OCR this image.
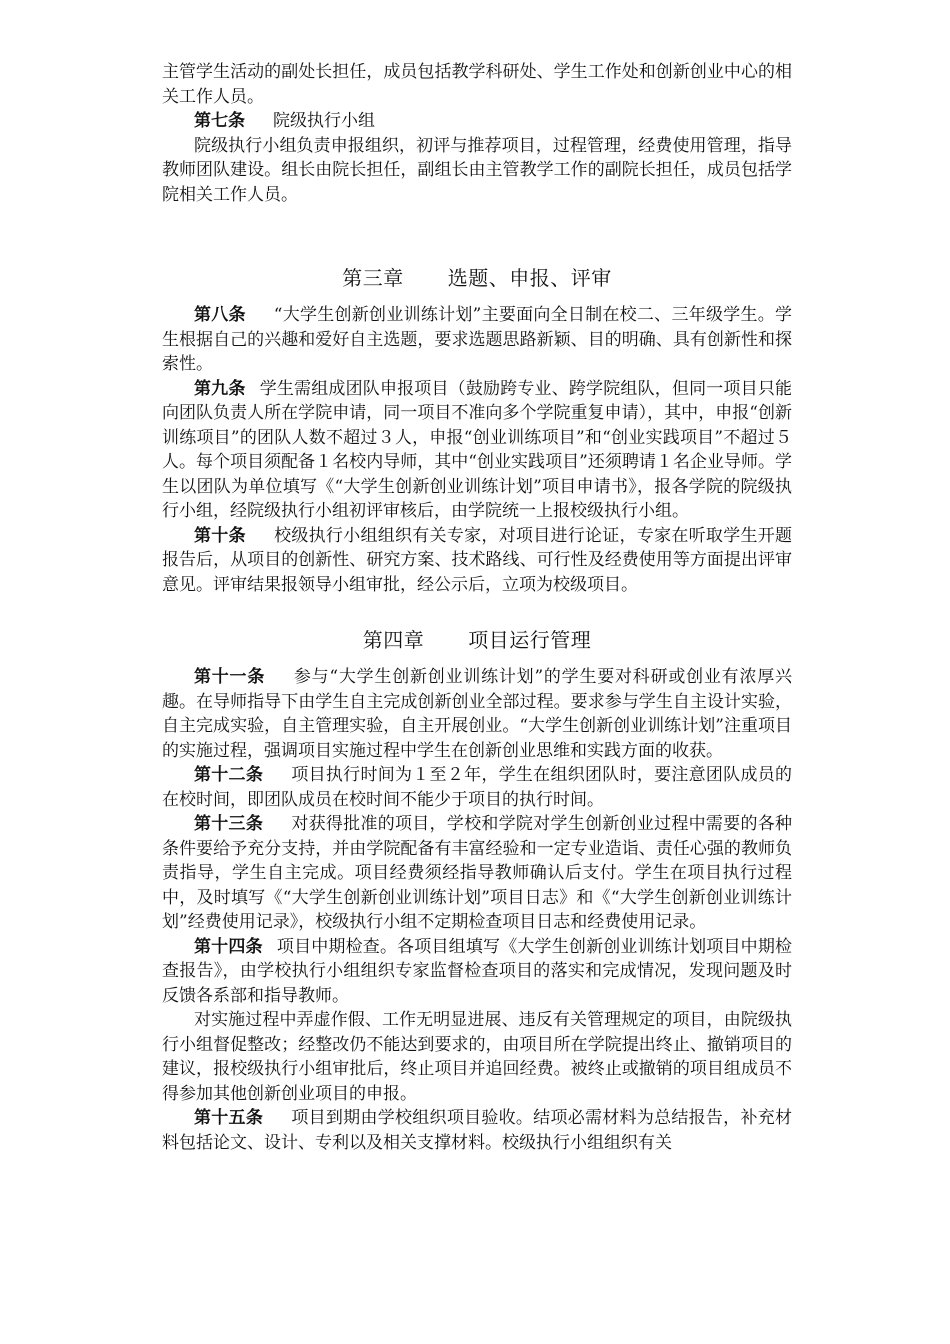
主管学生活动的副处长担任，成员包括教学科研处、学生工作处和创新创业中心的相关工作人员。

第七条 院级执行小组

院级执行小组负责申报组织，初评与推荐项目，过程管理，经费使用管理，指导教师团队建设。组长由院长担任，副组长由主管教学工作的副院长担任，成员包括学院相关工作人员。

第三章 选题、申报、评审

第八条 “大学生创新创业训练计划”主要面向全日制在校二、三年级学生。学生根据自己的兴趣和爱好自主选题，要求选题思路新颖、目的明确、具有创新性和探索性。

第九条 学生需组成团队申报项目（鼓励跨专业、跨学院组队，但同一项目只能向团队负责人所在学院申请，同一项目不准向多个学院重复申请），其中，申报“创新训练项目”的团队人数不超过３人，申报“创业训练项目”和“创业实践项目”不超过５人。每个项目须配备１名校内导师，其中“创业实践项目”还须聘请１名企业导师。学生以团队为单位填写《“大学生创新创业训练计划”项目申请书》，报各学院的院级执行小组，经院级执行小组初评审核后，由学院统一上报校级执行小组。

第十条 校级执行小组组织有关专家，对项目进行论证，专家在听取学生开题报告后，从项目的创新性、研究方案、技术路线、可行性及经费使用等方面提出评审意见。评审结果报领导小组审批，经公示后，立项为校级项目。

第四章 项目运行管理

第十一条 参与“大学生创新创业训练计划”的学生要对科研或创业有浓厚兴趣。在导师指导下由学生自主完成创新创业全部过程。要求参与学生自主设计实验，自主完成实验，自主管理实验，自主开展创业。“大学生创新创业训练计划”注重项目的实施过程，强调项目实施过程中学生在创新创业思维和实践方面的收获。

第十二条 项目执行时间为１至２年，学生在组织团队时，要注意团队成员的在校时间，即团队成员在校时间不能少于项目的执行时间。

第十三条 对获得批准的项目，学校和学院对学生创新创业过程中需要的各种条件要给予充分支持，并由学院配备有丰富经验和一定专业造诣、责任心强的教师负责指导，学生自主完成。项目经费须经指导教师确认后支付。学生在项目执行过程中，及时填写《“大学生创新创业训练计划”项目日志》和《“大学生创新创业训练计划”经费使用记录》，校级执行小组不定期检查项目日志和经费使用记录。

第十四条 项目中期检查。各项目组填写《大学生创新创业训练计划项目中期检查报告》，由学校执行小组组织专家监督检查项目的落实和完成情况，发现问题及时反馈各系部和指导教师。

对实施过程中弄虚作假、工作无明显进展、违反有关管理规定的项目，由院级执行小组督促整改；经整改仍不能达到要求的，由项目所在学院提出终止、撤销项目的建议，报校级执行小组审批后，终止项目并追回经费。被终止或撤销的项目组成员不得参加其他创新创业项目的申报。

第十五条 项目到期由学校组织项目验收。结项必需材料为总结报告，补充材料包括论文、设计、专利以及相关支撑材料。校级执行小组组织有关
